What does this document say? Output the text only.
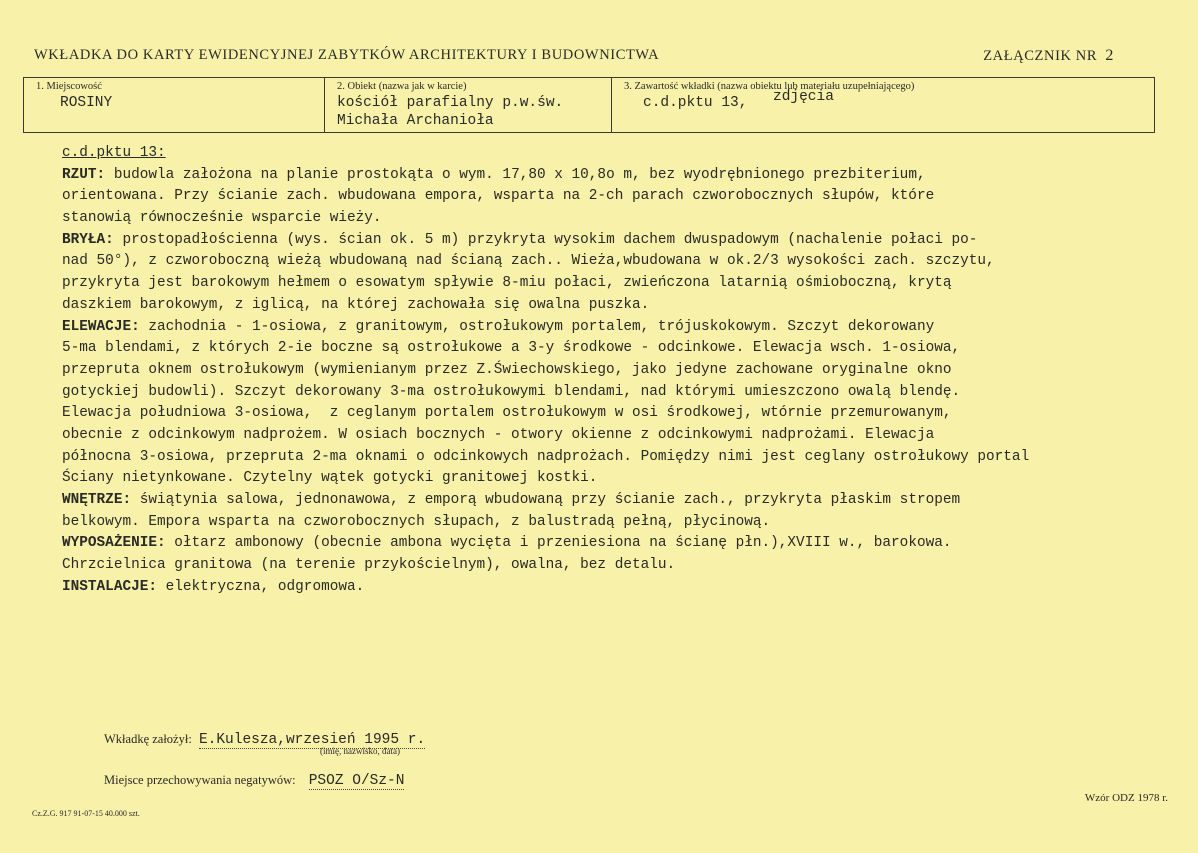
WKŁADKA DO KARTY EWIDENCYJNEJ ZABYTKÓW ARCHITEKTURY I BUDOWNICTWA	ZAŁĄCZNIK NR 2
1. Miejscowość
ROSINY
2. Obiekt (nazwa jak w karcie)
kościół parafialny p.w.św.
Michała Archanioła
3. Zawartość wkładki (nazwa obiektu lub materiału uzupełniającego)
c.d.pktu 13, zdjęcia
c.d.pktu 13:
RZUT: budowla założona na planie prostokąta o wym. 17,80 x 10,8o m, bez wyodrębnionego prezbiterium,
orientowana. Przy ścianie zach. wbudowana empora, wsparta na 2-ch parach czworobocznych słupów, które
stanowią równocześnie wsparcie wieży.
BRYŁA: prostopadłościenna (wys. ścian ok. 5 m) przykryta wysokim dachem dwuspadowym (nachalenie połaci po-
nad 50°), z czworoboczną wieżą wbudowaną nad ścianą zach.. Wieża,wbudowana w ok.2/3 wysokości zach. szczytu,
przykryta jest barokowym hełmem o esowatym spływie 8-miu połaci, zwieńczona latarnią ośmioboczną, krytą
daszkiem barokowym, z iglicą, na której zachowała się owalna puszka.
ELEWACJE: zachodnia - 1-osiowa, z granitowym, ostrołukowym portalem, trójuskokowym. Szczyt dekorowany
5-ma blendami, z których 2-ie boczne są ostrołukowe a 3-y środkowe - odcinkowe. Elewacja wsch. 1-osiowa,
przepruta oknem ostrołukowym (wymienianym przez Z.Świechowskiego, jako jedyne zachowane oryginalne okno
gotyckiej budowli). Szczyt dekorowany 3-ma ostrołukowymi blendami, nad którymi umieszczono owalą blendę.
Elewacja południowa 3-osiowa,  z ceglanym portalem ostrołukowym w osi środkowej, wtórnie przemurowanym,
obecnie z odcinkowym nadprożem. W osiach bocznych - otwory okienne z odcinkowymi nadprożami. Elewacja
północna 3-osiowa, przepruta 2-ma oknami o odcinkowych nadprożach. Pomiędzy nimi jest ceglany ostrołukowy portal
Ściany nietynkowane. Czytelny wątek gotycki granitowej kostki.
WNĘTRZE: świątynia salowa, jednonawowa, z emporą wbudowaną przy ścianie zach., przykryta płaskim stropem
belkowym. Empora wsparta na czworobocznych słupach, z balustradą pełną, płycinową.
WYPOSAŻENIE: ołtarz ambonowy (obecnie ambona wycięta i przeniesiona na ścianę płn.),XVIII w., barokowa.
Chrzcielnica granitowa (na terenie przykościelnym), owalna, bez detalu.
INSTALACJE: elektryczna, odgromowa.
Wkładkę założył: E.Kulesza,wrzesień 1995 r.
(imię, nazwisko, data)
Miejsce przechowywania negatywów: PSOZ O/Sz-N
Cz.Z.G. 917 91-07-15 40.000 szt.
Wzór ODZ 1978 r.
